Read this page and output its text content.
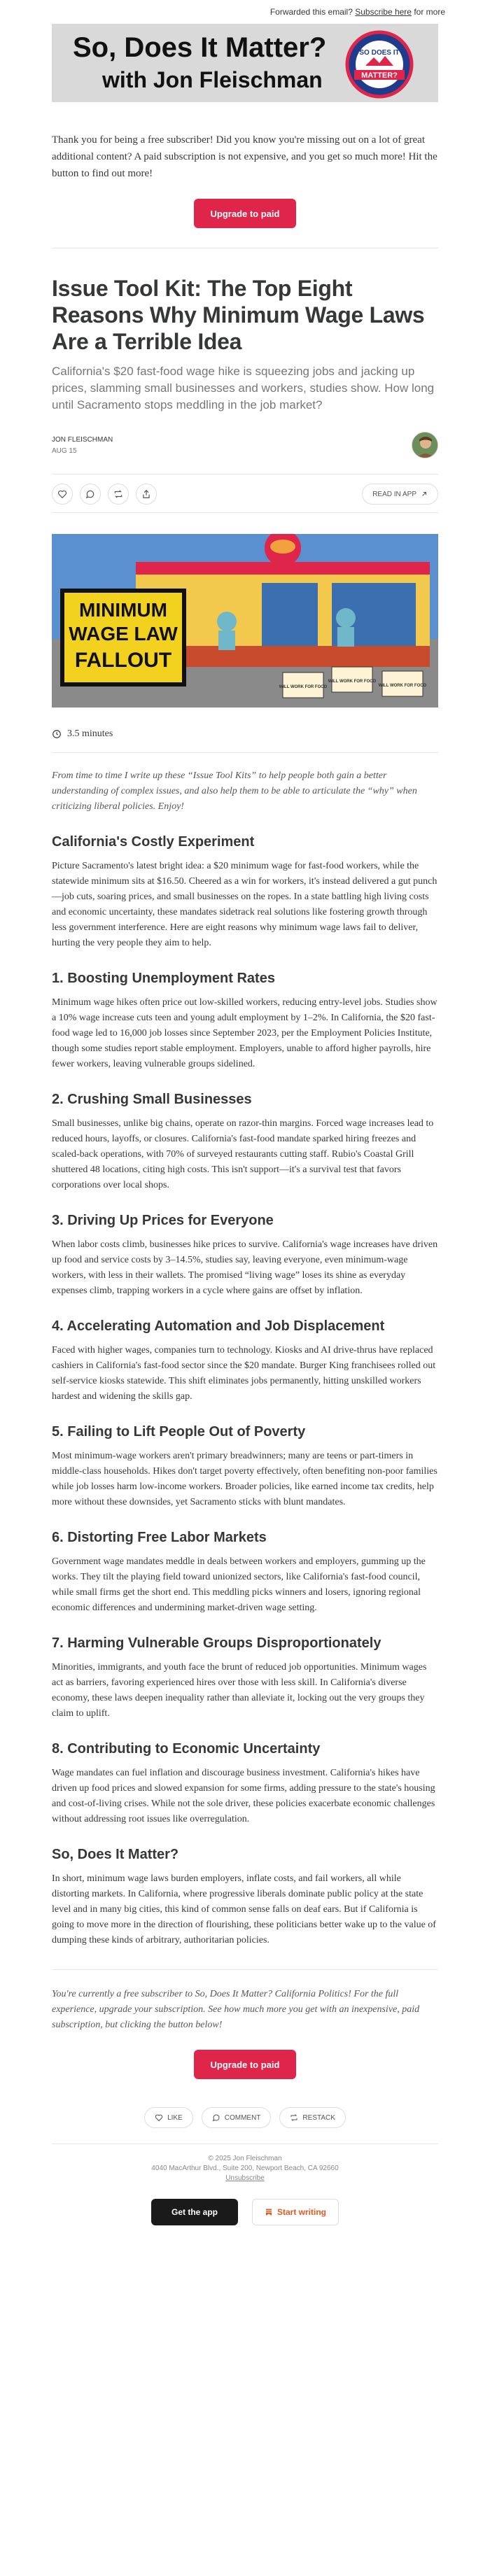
Forwarded this email? Subscribe here for more
So, Does It Matter?
with Jon Fleischman
SO DOES IT
MATTER?

Thank you for being a free subscriber! Did you know you're missing out on a lot of great additional content? A paid subscription is not expensive, and you get so much more! Hit the button to find out more!

Upgrade to paid
Issue Tool Kit: The Top Eight Reasons Why Minimum Wage Laws Are a Terrible Idea

California's $20 fast-food wage hike is squeezing jobs and jacking up prices, slamming small businesses and workers, studies show. How long until Sacramento stops meddling in the job market?

JON FLEISCHMAN
AUG 15
READ IN APP
MINIMUM
WAGE LAW
FALLOUT
WILL WORK FOR FOOD
WILL WORK FOR FOOD
WILL WORK FOR FOOD
3.5 minutes

From time to time I write up these “Issue Tool Kits” to help people both gain a better understanding of complex issues, and also help them to be able to articulate the “why” when criticizing liberal policies. Enjoy!

California's Costly Experiment

Picture Sacramento's latest bright idea: a $20 minimum wage for fast-food workers, while the statewide minimum sits at $16.50. Cheered as a win for workers, it's instead delivered a gut punch—job cuts, soaring prices, and small businesses on the ropes. In a state battling high living costs and economic uncertainty, these mandates sidetrack real solutions like fostering growth through less government interference. Here are eight reasons why minimum wage laws fail to deliver, hurting the very people they aim to help.

1. Boosting Unemployment Rates

Minimum wage hikes often price out low-skilled workers, reducing entry-level jobs. Studies show a 10% wage increase cuts teen and young adult employment by 1–2%. In California, the $20 fast-food wage led to 16,000 job losses since September 2023, per the Employment Policies Institute, though some studies report stable employment. Employers, unable to afford higher payrolls, hire fewer workers, leaving vulnerable groups sidelined.

2. Crushing Small Businesses

Small businesses, unlike big chains, operate on razor-thin margins. Forced wage increases lead to reduced hours, layoffs, or closures. California's fast-food mandate sparked hiring freezes and scaled-back operations, with 70% of surveyed restaurants cutting staff. Rubio's Coastal Grill shuttered 48 locations, citing high costs. This isn't support—it's a survival test that favors corporations over local shops.

3. Driving Up Prices for Everyone

When labor costs climb, businesses hike prices to survive. California's wage increases have driven up food and service costs by 3–14.5%, studies say, leaving everyone, even minimum-wage workers, with less in their wallets. The promised “living wage” loses its shine as everyday expenses climb, trapping workers in a cycle where gains are offset by inflation.

4. Accelerating Automation and Job Displacement

Faced with higher wages, companies turn to technology. Kiosks and AI drive-thrus have replaced cashiers in California's fast-food sector since the $20 mandate. Burger King franchisees rolled out self-service kiosks statewide. This shift eliminates jobs permanently, hitting unskilled workers hardest and widening the skills gap.

5. Failing to Lift People Out of Poverty

Most minimum-wage workers aren't primary breadwinners; many are teens or part-timers in middle-class households. Hikes don't target poverty effectively, often benefiting non-poor families while job losses harm low-income workers. Broader policies, like earned income tax credits, help more without these downsides, yet Sacramento sticks with blunt mandates.

6. Distorting Free Labor Markets

Government wage mandates meddle in deals between workers and employers, gumming up the works. They tilt the playing field toward unionized sectors, like California's fast-food council, while small firms get the short end. This meddling picks winners and losers, ignoring regional economic differences and undermining market-driven wage setting.

7. Harming Vulnerable Groups Disproportionately

Minorities, immigrants, and youth face the brunt of reduced job opportunities. Minimum wages act as barriers, favoring experienced hires over those with less skill. In California's diverse economy, these laws deepen inequality rather than alleviate it, locking out the very groups they claim to uplift.

8. Contributing to Economic Uncertainty

Wage mandates can fuel inflation and discourage business investment. California's hikes have driven up food prices and slowed expansion for some firms, adding pressure to the state's housing and cost-of-living crises. While not the sole driver, these policies exacerbate economic challenges without addressing root issues like overregulation.

So, Does It Matter?

In short, minimum wage laws burden employers, inflate costs, and fail workers, all while distorting markets. In California, where progressive liberals dominate public policy at the state level and in many big cities, this kind of common sense falls on deaf ears. But if California is going to move more in the direction of flourishing, these politicians better wake up to the value of dumping these kinds of arbitrary, authoritarian policies.

You're currently a free subscriber to So, Does It Matter? California Politics! For the full experience, upgrade your subscription. See how much more you get with an inexpensive, paid subscription, but clicking the button below!

Upgrade to paid
LIKE	COMMENT	RESTACK
© 2025 Jon Fleischman
4040 MacArthur Blvd., Suite 200, Newport Beach, CA 92660
Unsubscribe
Get the app	Start writing
